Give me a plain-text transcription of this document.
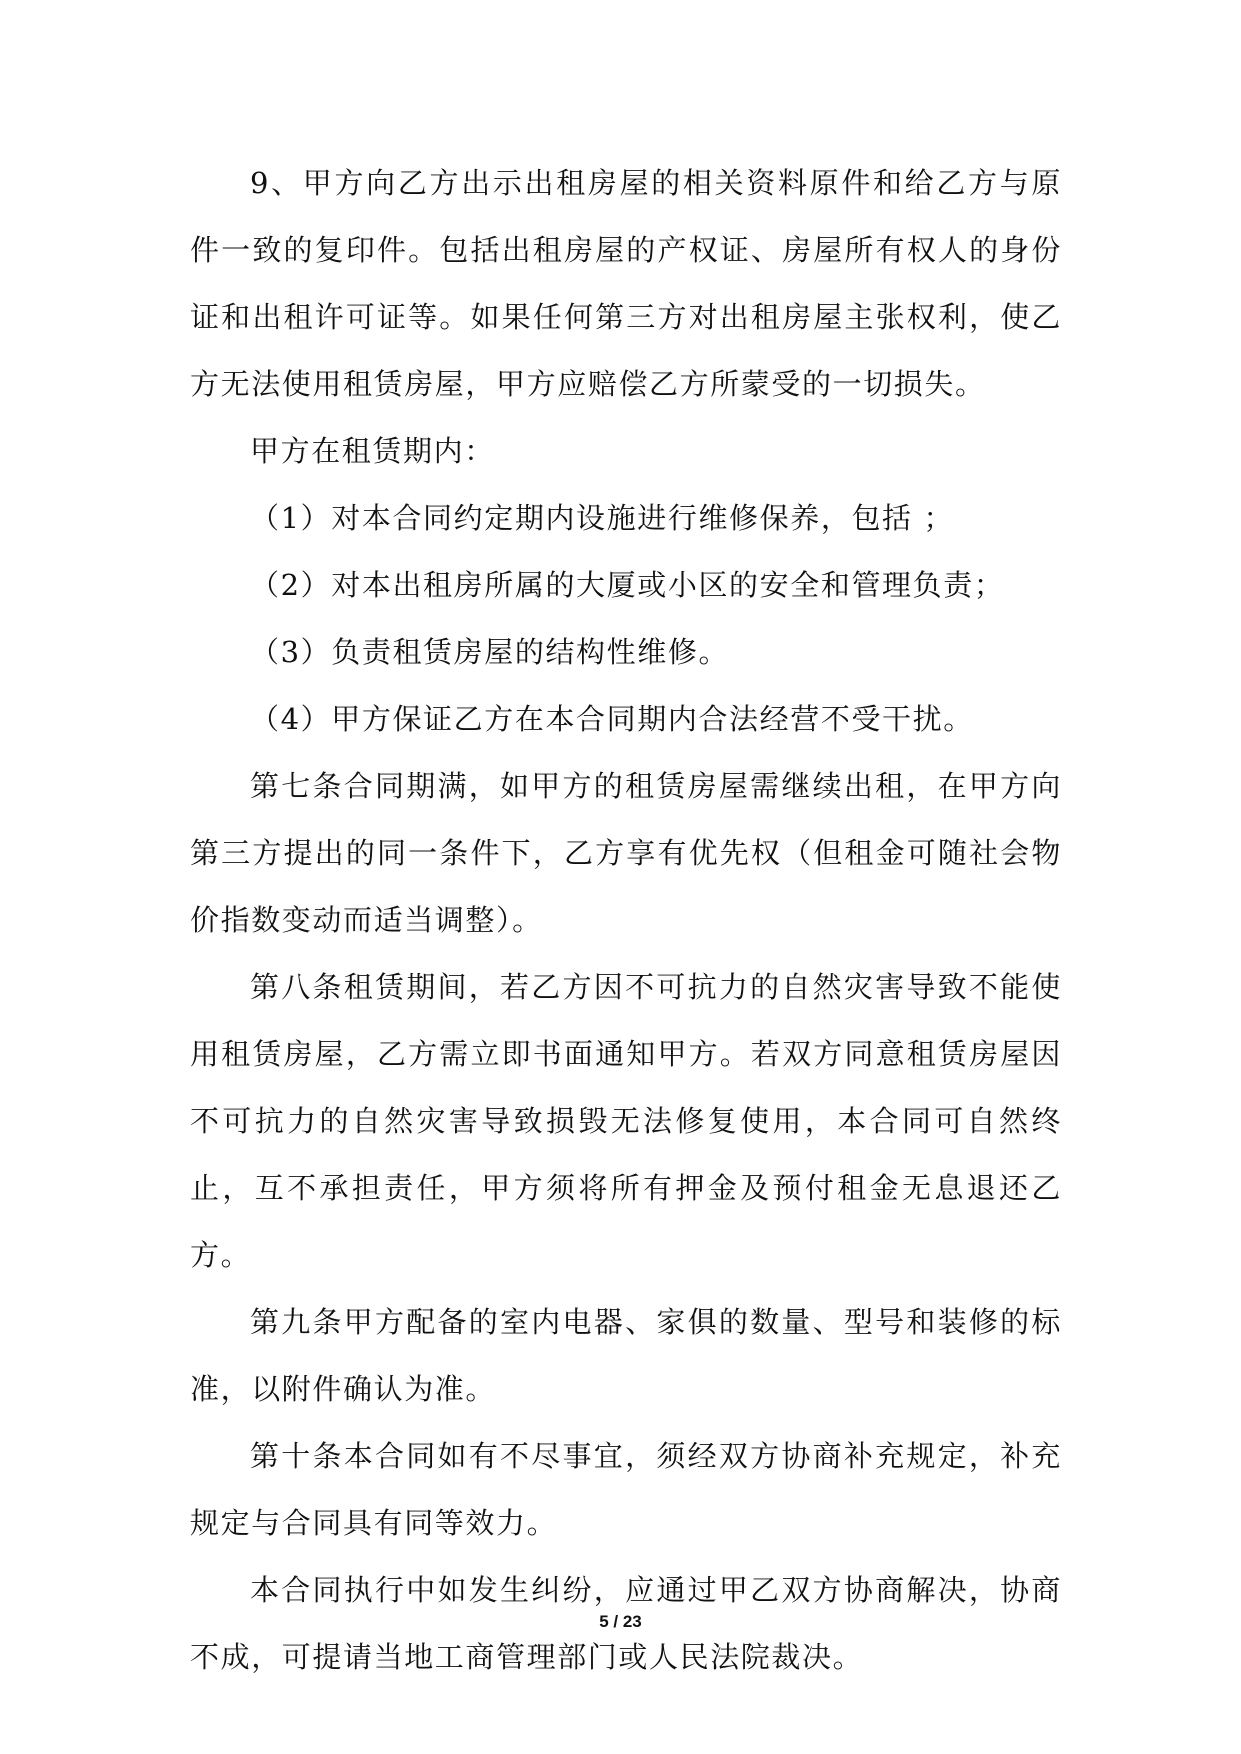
9、甲方向乙方出示出租房屋的相关资料原件和给乙方与原件一致的复印件。包括出租房屋的产权证、房屋所有权人的身份证和出租许可证等。如果任何第三方对出租房屋主张权利，使乙方无法使用租赁房屋，甲方应赔偿乙方所蒙受的一切损失。

甲方在租赁期内：

（1）对本合同约定期内设施进行维修保养，包括 ；

（2）对本出租房所属的大厦或小区的安全和管理负责；

（3）负责租赁房屋的结构性维修。

（4）甲方保证乙方在本合同期内合法经营不受干扰。

第七条合同期满，如甲方的租赁房屋需继续出租，在甲方向第三方提出的同一条件下，乙方享有优先权（但租金可随社会物价指数变动而适当调整）。

第八条租赁期间，若乙方因不可抗力的自然灾害导致不能使用租赁房屋，乙方需立即书面通知甲方。若双方同意租赁房屋因不可抗力的自然灾害导致损毁无法修复使用，本合同可自然终止，互不承担责任，甲方须将所有押金及预付租金无息退还乙方。

第九条甲方配备的室内电器、家俱的数量、型号和装修的标准，以附件确认为准。

第十条本合同如有不尽事宜，须经双方协商补充规定，补充规定与合同具有同等效力。

本合同执行中如发生纠纷，应通过甲乙双方协商解决，协商不成，可提请当地工商管理部门或人民法院裁决。

5 / 23
